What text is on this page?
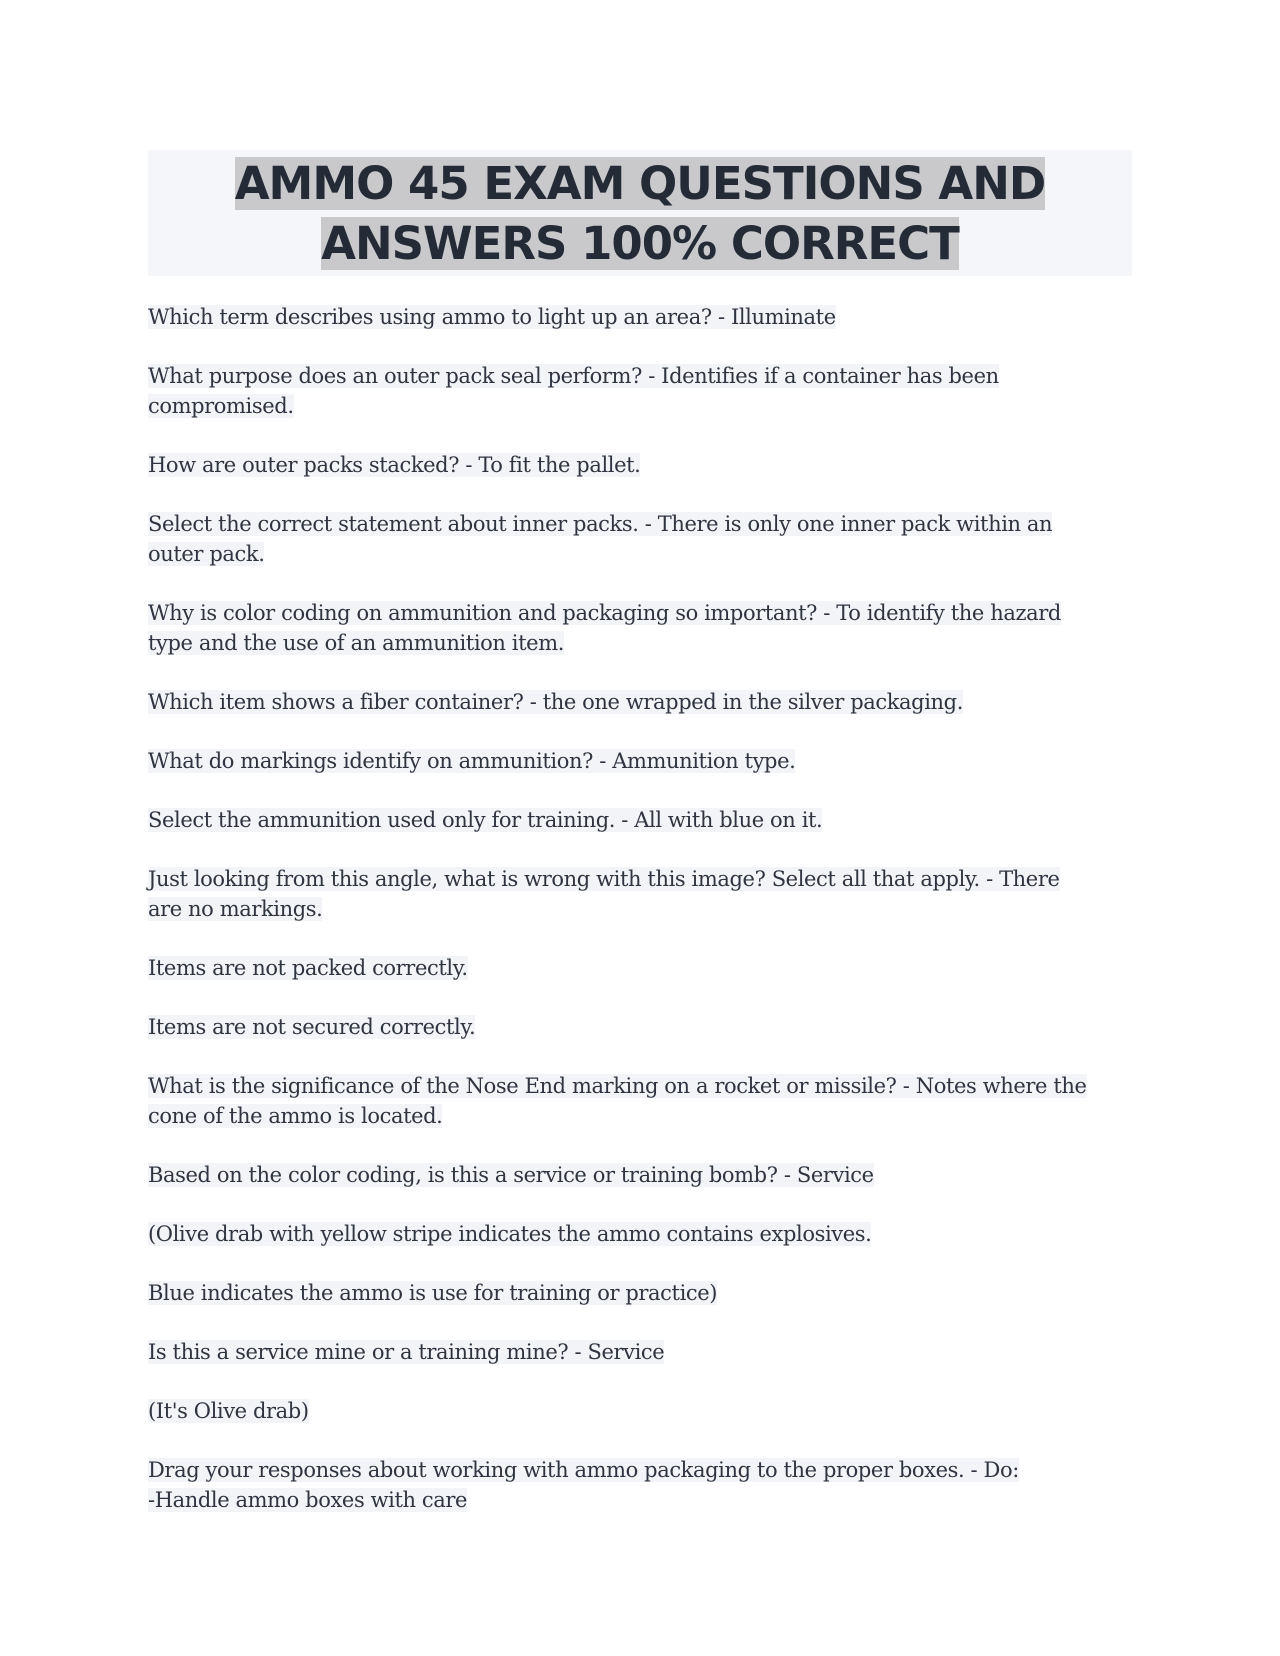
AMMO 45 EXAM QUESTIONS AND
ANSWERS 100% CORRECT

Which term describes using ammo to light up an area? - Illuminate

What purpose does an outer pack seal perform? - Identifies if a container has been
compromised.

How are outer packs stacked? - To fit the pallet.

Select the correct statement about inner packs. - There is only one inner pack within an
outer pack.

Why is color coding on ammunition and packaging so important? - To identify the hazard
type and the use of an ammunition item.

Which item shows a fiber container? - the one wrapped in the silver packaging.

What do markings identify on ammunition? - Ammunition type.

Select the ammunition used only for training. - All with blue on it.

Just looking from this angle, what is wrong with this image? Select all that apply. - There
are no markings.

Items are not packed correctly.

Items are not secured correctly.

What is the significance of the Nose End marking on a rocket or missile? - Notes where the
cone of the ammo is located.

Based on the color coding, is this a service or training bomb? - Service

(Olive drab with yellow stripe indicates the ammo contains explosives.

Blue indicates the ammo is use for training or practice)

Is this a service mine or a training mine? - Service

(It's Olive drab)

Drag your responses about working with ammo packaging to the proper boxes. - Do:
-Handle ammo boxes with care
